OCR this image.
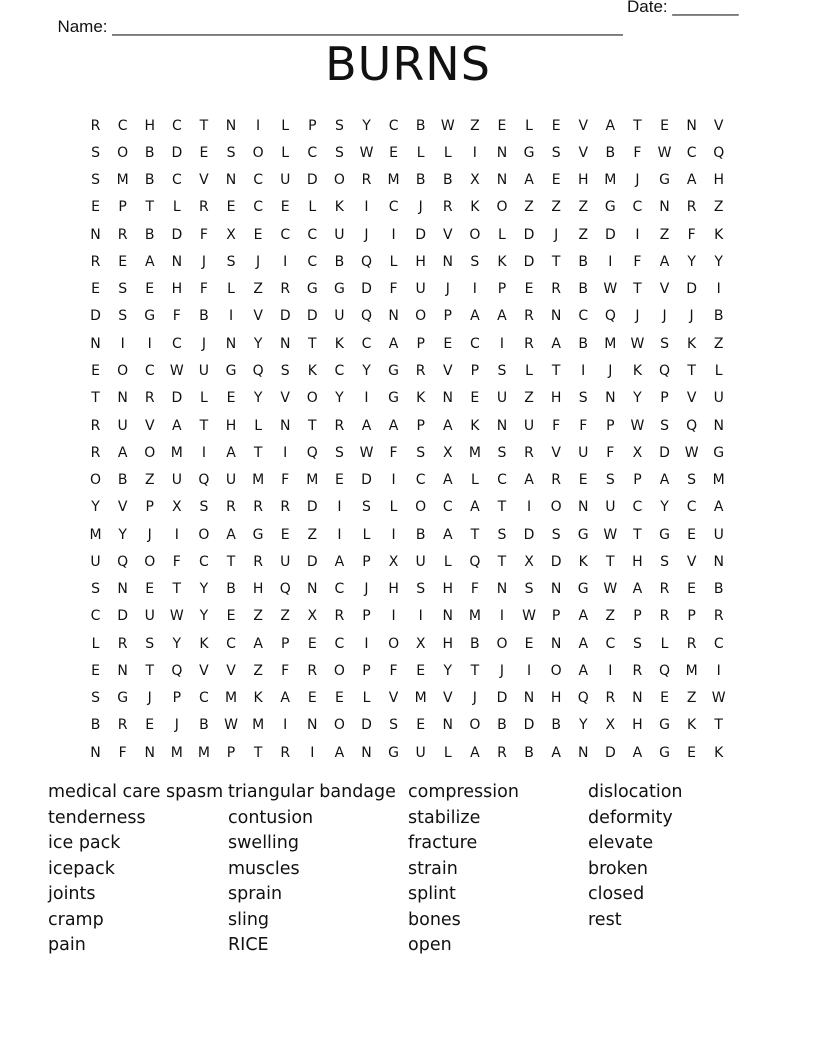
Name: ______________________________________________________

Date: _______

BURNS
R	C	H	C	T	N	I	L	P	S	Y	C	B	W	Z	E	L	E	V	A	T	E	N	V
S	O	B	D	E	S	O	L	C	S	W	E	L	L	I	N	G	S	V	B	F	W	C	Q
S	M	B	C	V	N	C	U	D	O	R	M	B	B	X	N	A	E	H	M	J	G	A	H
E	P	T	L	R	E	C	E	L	K	I	C	J	R	K	O	Z	Z	Z	G	C	N	R	Z
N	R	B	D	F	X	E	C	C	U	J	I	D	V	O	L	D	J	Z	D	I	Z	F	K
R	E	A	N	J	S	J	I	C	B	Q	L	H	N	S	K	D	T	B	I	F	A	Y	Y
E	S	E	H	F	L	Z	R	G	G	D	F	U	J	I	P	E	R	B	W	T	V	D	I
D	S	G	F	B	I	V	D	D	U	Q	N	O	P	A	A	R	N	C	Q	J	J	J	B
N	I	I	C	J	N	Y	N	T	K	C	A	P	E	C	I	R	A	B	M	W	S	K	Z
E	O	C	W	U	G	Q	S	K	C	Y	G	R	V	P	S	L	T	I	J	K	Q	T	L
T	N	R	D	L	E	Y	V	O	Y	I	G	K	N	E	U	Z	H	S	N	Y	P	V	U
R	U	V	A	T	H	L	N	T	R	A	A	P	A	K	N	U	F	F	P	W	S	Q	N
R	A	O	M	I	A	T	I	Q	S	W	F	S	X	M	S	R	V	U	F	X	D	W	G
O	B	Z	U	Q	U	M	F	M	E	D	I	C	A	L	C	A	R	E	S	P	A	S	M
Y	V	P	X	S	R	R	R	D	I	S	L	O	C	A	T	I	O	N	U	C	Y	C	A
M	Y	J	I	O	A	G	E	Z	I	L	I	B	A	T	S	D	S	G	W	T	G	E	U
U	Q	O	F	C	T	R	U	D	A	P	X	U	L	Q	T	X	D	K	T	H	S	V	N
S	N	E	T	Y	B	H	Q	N	C	J	H	S	H	F	N	S	N	G	W	A	R	E	B
C	D	U	W	Y	E	Z	Z	X	R	P	I	I	N	M	I	W	P	A	Z	P	R	P	R
L	R	S	Y	K	C	A	P	E	C	I	O	X	H	B	O	E	N	A	C	S	L	R	C
E	N	T	Q	V	V	Z	F	R	O	P	F	E	Y	T	J	I	O	A	I	R	Q	M	I
S	G	J	P	C	M	K	A	E	E	L	V	M	V	J	D	N	H	Q	R	N	E	Z	W
B	R	E	J	B	W	M	I	N	O	D	S	E	N	O	B	D	B	Y	X	H	G	K	T
N	F	N	M	M	P	T	R	I	A	N	G	U	L	A	R	B	A	N	D	A	G	E	K
medical care spasm
tenderness
ice pack
icepack
joints
cramp
pain
triangular bandage
contusion
swelling
muscles
sprain
sling
RICE
compression
stabilize
fracture
strain
splint
bones
open
dislocation
deformity
elevate
broken
closed
rest
